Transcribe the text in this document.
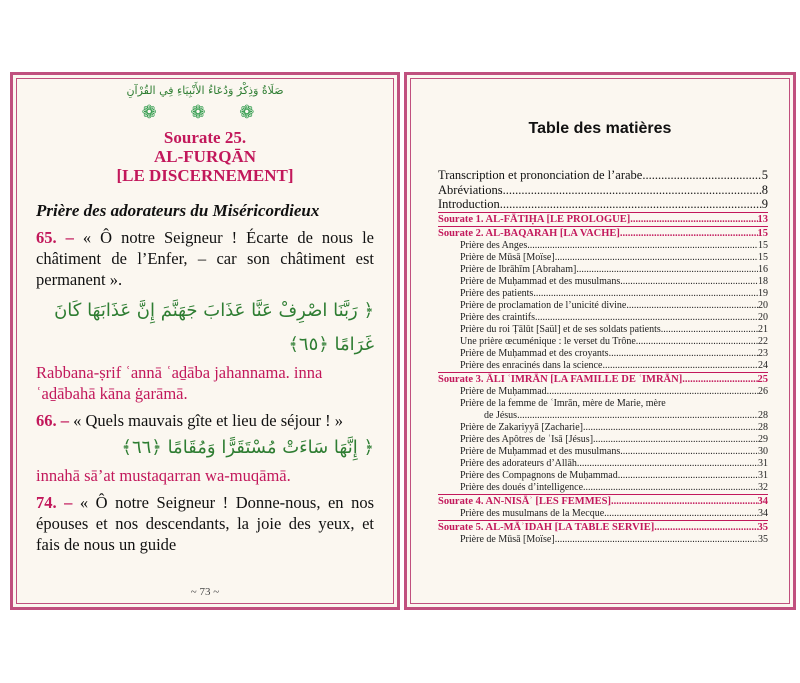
صَلَاةُ وَذِكْرُ وَدُعَاءُ الأَنْبِيَاءِ فِي القُرْآنِ
❁ ❁ ❁
Sourate 25.
AL-FURQĀN
[LE DISCERNEMENT]
Prière des adorateurs du Miséricordieux
65. – « Ô notre Seigneur ! Écarte de nous le châtiment de l’Enfer, – car son châtiment est permanent ».
﴿ رَبَّنَا اصْرِفْ عَنَّا عَذَابَ جَهَنَّمَ إِنَّ عَذَابَهَا كَانَ
غَرَامًا ﴿٦٥﴾
Rabbana-ṣrif ʿannā ʿaḏāba jahannama. inna ʿaḏābahā kāna ġarāmā.
66. – « Quels mauvais gîte et lieu de séjour ! »
﴿ إِنَّهَا سَاءَتْ مُسْتَقَرًّا وَمُقَامًا ﴿٦٦﴾
innahā sā’at mustaqarran wa-muqāmā.
74. – « Ô notre Seigneur ! Donne-nous, en nos épouses et nos descendants, la joie des yeux, et fais de nous un guide
~ 73 ~
Table des matières
Transcription et prononciation de l’arabe .....	5
Abréviations .....	8
Introduction .....	9
Sourate 1. AL-FĀTIḤA [LE PROLOGUE] .....	13
Sourate 2. AL-BAQARAH [LA VACHE] .....	15
Prière des Anges .....	15
Prière de Mūsā [Moïse] .....	15
Prière de Ibrāhīm [Abraham] .....	16
Prière de Muḥammad et des musulmans .....	18
Prière des patients .....	19
Prière de proclamation de l’unicité divine .....	20
Prière des craintifs .....	20
Prière du roi Ṭālūt [Saül] et de ses soldats patients .....	21
Une prière œcuménique : le verset du Trône .....	22
Prière de Muḥammad et des croyants .....	23
Prière des enracinés dans la science .....	24
Sourate 3. ĀLI ʿIMRĀN [LA FAMILLE DE ʿIMRĀN] .....	25
Prière de Muḥammad .....	26
Prière de la femme de ʿImrān, mère de Marie, mère
de Jésus .....	28
Prière de Zakariyyā [Zacharie] .....	28
Prière des Apôtres de ʿIsā [Jésus] .....	29
Prière de Muḥammad et des musulmans .....	30
Prière des adorateurs d’Allāh .....	31
Prière des Compagnons de Muḥammad .....	31
Prière des doués d’intelligence .....	32
Sourate 4. AN-NISĀʾ [LES FEMMES] .....	34
Prière des musulmans de la Mecque .....	34
Sourate 5. AL-MĀʾIDAH [LA TABLE SERVIE] .....	35
Prière de Mūsā [Moïse] .....	35
